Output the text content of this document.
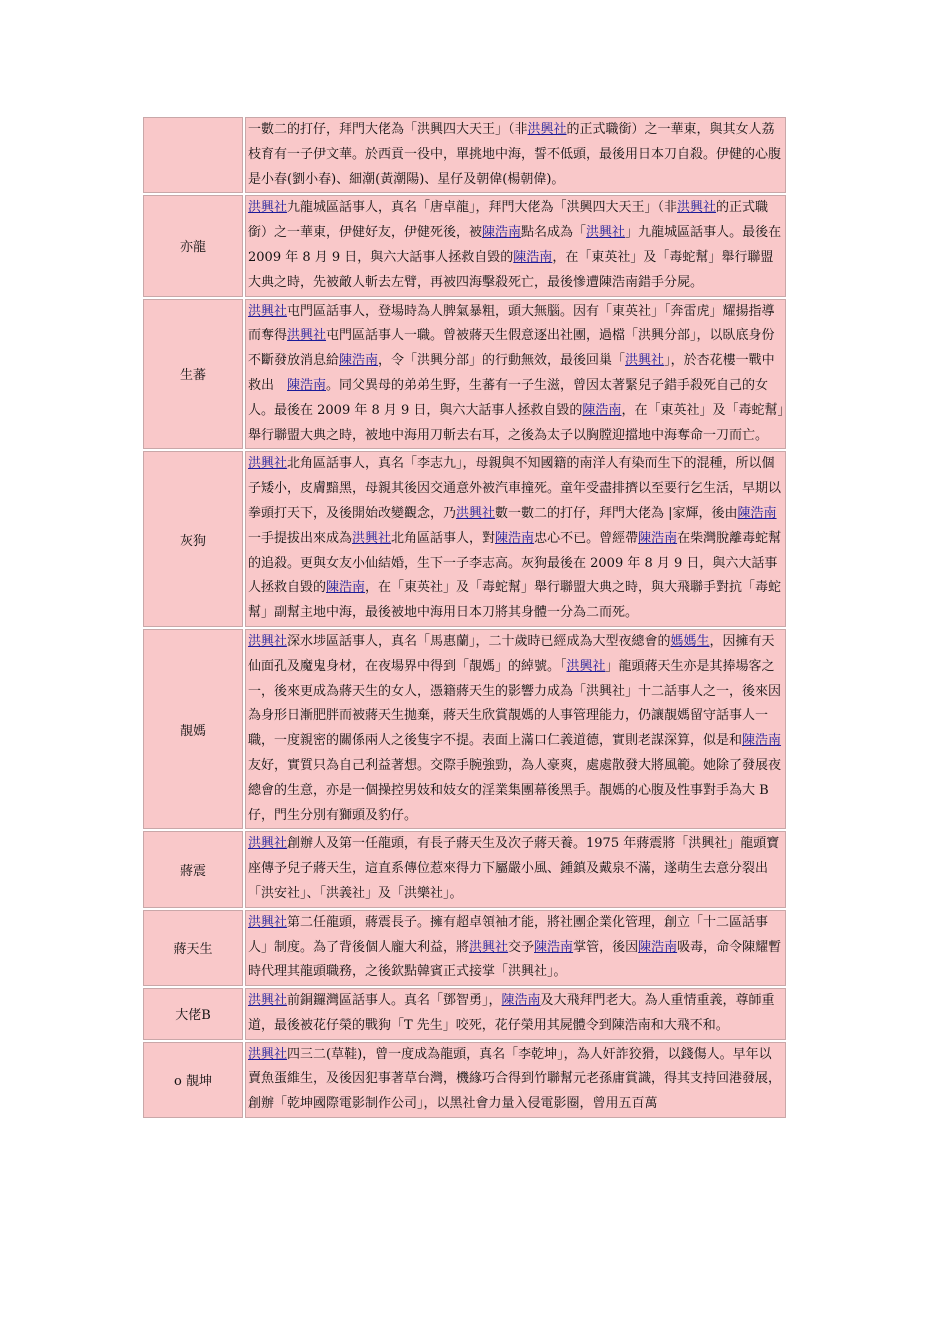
	一數二的打仔，拜門大佬為「洪興四大天王」（非洪興社的正式職銜）之一華東，與其女人荔枝育有一子伊文華。於西貢一役中，單挑地中海，誓不低頭，最後用日本刀自殺。伊健的心腹是小春(劉小春)、細潮(黃潮陽)、星仔及朝偉(楊朝偉)。
亦龍	洪興社九龍城區話事人，真名「唐卓龍」，拜門大佬為「洪興四大天王」（非洪興社的正式職銜）之一華東，伊健好友，伊健死後，被陳浩南點名成為「洪興社」九龍城區話事人。最後在 2009 年 8 月 9 日，與六大話事人拯救自毀的陳浩南，在「東英社」及「毒蛇幫」舉行聯盟大典之時，先被敵人斬去左臂，再被四海擊殺死亡，最後慘遭陳浩南錯手分屍。
生蕃	洪興社屯門區話事人，登場時為人脾氣暴粗，頭大無腦。因有「東英社」「奔雷虎」耀揚指導而奪得洪興社屯門區話事人一職。曾被蔣天生假意逐出社團，過檔「洪興分部」，以臥底身份不斷發放消息給陳浩南，令「洪興分部」的行動無效，最後回巢「洪興社」，於杏花樓一戰中救出　陳浩南。同父異母的弟弟生野，生蕃有一子生滋，曾因太著緊兒子錯手殺死自己的女人。最後在 2009 年 8 月 9 日，與六大話事人拯救自毀的陳浩南，在「東英社」及「毒蛇幫」舉行聯盟大典之時，被地中海用刀斬去右耳，之後為太子以胸膛迎擋地中海奪命一刀而亡。
灰狗	洪興社北角區話事人，真名「李志九」，母親與不知國籍的南洋人有染而生下的混種，所以個子矮小，皮膚黯黑，母親其後因交通意外被汽車撞死。童年受盡排擠以至要行乞生活，早期以拳頭打天下，及後開始改變觀念，乃洪興社數一數二的打仔，拜門大佬為 |家輝，後由陳浩南一手提拔出來成為洪興社北角區話事人，對陳浩南忠心不已。曾經帶陳浩南在柴灣脫離毒蛇幫的追殺。更與女友小仙結婚，生下一子李志高。灰狗最後在 2009 年 8 月 9 日，與六大話事人拯救自毀的陳浩南，在「東英社」及「毒蛇幫」舉行聯盟大典之時，與大飛聯手對抗「毒蛇幫」副幫主地中海，最後被地中海用日本刀將其身體一分為二而死。
靚媽	洪興社深水埗區話事人，真名「馬惠蘭」，二十歲時已經成為大型夜總會的媽媽生，因擁有天仙面孔及魔鬼身材，在夜場界中得到「靚媽」的綽號。「洪興社」龍頭蔣天生亦是其捧場客之一，後來更成為蔣天生的女人，憑籍蔣天生的影響力成為「洪興社」十二話事人之一，後來因為身形日漸肥胖而被蔣天生拋棄，蔣天生欣賞靚媽的人事管理能力，仍讓靚媽留守話事人一職，一度親密的關係兩人之後隻字不提。表面上滿口仁義道德，實則老謀深算，似是和陳浩南友好，實質只為自己利益著想。交際手腕強勁，為人豪爽，處處散發大將風範。她除了發展夜總會的生意，亦是一個操控男妓和妓女的淫業集團幕後黑手。靚媽的心腹及性事對手為大 B 仔，門生分別有獅頭及豹仔。
蔣震	洪興社創辦人及第一任龍頭，有長子蔣天生及次子蔣天養。1975 年蔣震將「洪興社」龍頭寶座傳予兒子蔣天生，這直系傳位惹來得力下屬嚴小風、鍾鎮及戴泉不滿，遂萌生去意分裂出「洪安社」、「洪義社」及「洪樂社」。
蔣天生	洪興社第二任龍頭，蔣震長子。擁有超卓領袖才能，將社團企業化管理，創立「十二區話事人」制度。為了背後個人龐大利益，將洪興社交予陳浩南掌管，後因陳浩南吸毒，命令陳耀暫時代理其龍頭職務，之後欽點韓賓正式接掌「洪興社」。
大佬B	洪興社前銅鑼灣區話事人。真名「鄧智勇」，陳浩南及大飛拜門老大。為人重情重義，尊師重道，最後被花仔榮的戰狗「T 先生」咬死，花仔榮用其屍體令到陳浩南和大飛不和。
o 靚坤	洪興社四三二(草鞋)，曾一度成為龍頭，真名「李乾坤」，為人奸詐狡猾，以錢傷人。早年以賣魚蛋維生，及後因犯事著草台灣，機緣巧合得到竹聯幫元老孫庸賞識，得其支持回港發展，創辦「乾坤國際電影制作公司」，以黑社會力量入侵電影圈，曾用五百萬
